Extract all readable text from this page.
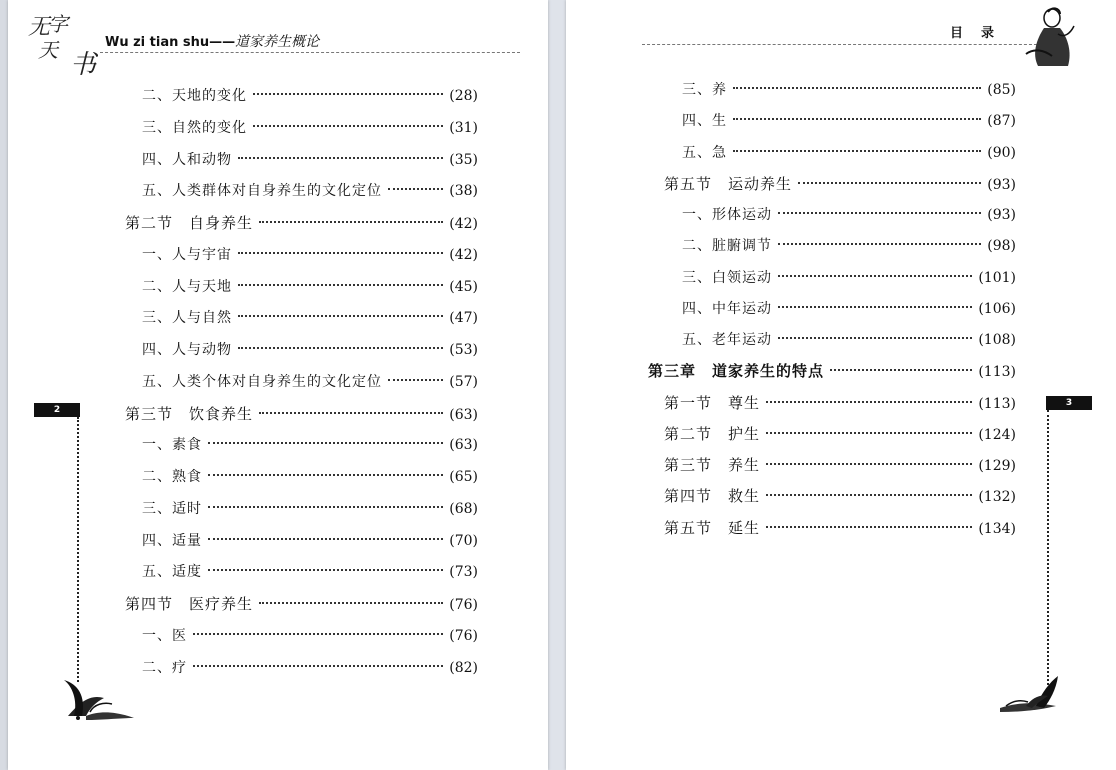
无
字
天 书
Wu zi tian shu——道家养生概论
2
二、天地的变化	(28)
三、自然的变化	(31)
四、人和动物	(35)
五、人类群体对自身养生的文化定位	(38)
第二节　自身养生	(42)
一、人与宇宙	(42)
二、人与天地	(45)
三、人与自然	(47)
四、人与动物	(53)
五、人类个体对自身养生的文化定位	(57)
第三节　饮食养生	(63)
一、素食	(63)
二、熟食	(65)
三、适时	(68)
四、适量	(70)
五、适度	(73)
第四节　医疗养生	(76)
一、医	(76)
二、疗	(82)
目录
3
三、养	(85)
四、生	(87)
五、急	(90)
第五节　运动养生	(93)
一、形体运动	(93)
二、脏腑调节	(98)
三、白领运动	(101)
四、中年运动	(106)
五、老年运动	(108)
第三章　道家养生的特点	(113)
第一节　尊生	(113)
第二节　护生	(124)
第三节　养生	(129)
第四节　救生	(132)
第五节　延生	(134)
